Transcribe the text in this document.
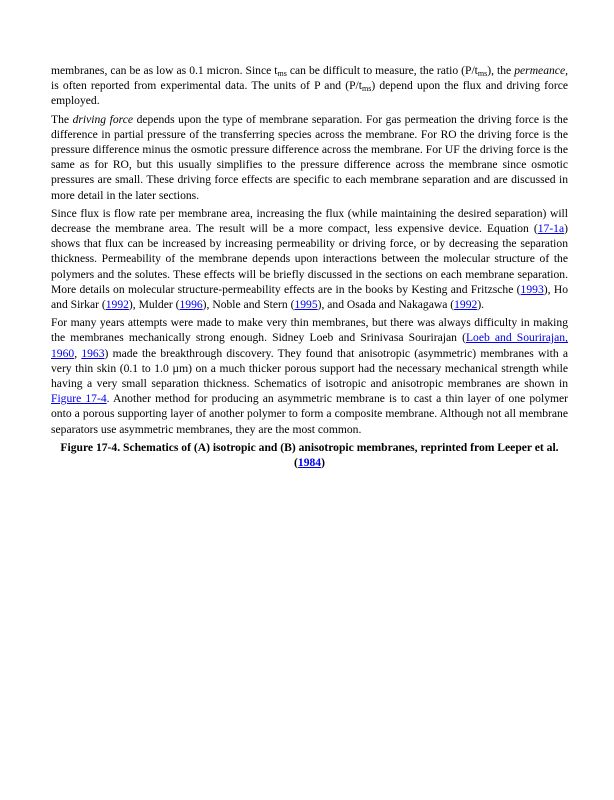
membranes, can be as low as 0.1 micron. Since $t_{ms}$ can be difficult to measure, the ratio $(P/t_{ms})$, the permeance, is often reported from experimental data. The units of P and $(P/t_{ms})$ depend upon the flux and driving force employed.

The driving force depends upon the type of membrane separation. For gas permeation the driving force is the difference in partial pressure of the transferring species across the membrane. For RO the driving force is the pressure difference minus the osmotic pressure difference across the membrane. For UF the driving force is the same as for RO, but this usually simplifies to the pressure difference across the membrane since osmotic pressures are small. These driving force effects are specific to each membrane separation and are discussed in more detail in the later sections.

Since flux is flow rate per membrane area, increasing the flux (while maintaining the desired separation) will decrease the membrane area. The result will be a more compact, less expensive device. Equation (17-1a) shows that flux can be increased by increasing permeability or driving force, or by decreasing the separation thickness. Permeability of the membrane depends upon interactions between the molecular structure of the polymers and the solutes. These effects will be briefly discussed in the sections on each membrane separation. More details on molecular structure-permeability effects are in the books by Kesting and Fritzsche (1993), Ho and Sirkar (1992), Mulder (1996), Noble and Stern (1995), and Osada and Nakagawa (1992).

For many years attempts were made to make very thin membranes, but there was always difficulty in making the membranes mechanically strong enough. Sidney Loeb and Srinivasa Sourirajan (Loeb and Sourirajan, 1960, 1963) made the breakthrough discovery. They found that anisotropic (asymmetric) membranes with a very thin skin (0.1 to 1.0 µm) on a much thicker porous support had the necessary mechanical strength while having a very small separation thickness. Schematics of isotropic and anisotropic membranes are shown in Figure 17-4. Another method for producing an asymmetric membrane is to cast a thin layer of one polymer onto a porous supporting layer of another polymer to form a composite membrane. Although not all membrane separators use asymmetric membranes, they are the most common.

Figure 17-4. Schematics of (A) isotropic and (B) anisotropic membranes, reprinted from Leeper et al. (1984)
